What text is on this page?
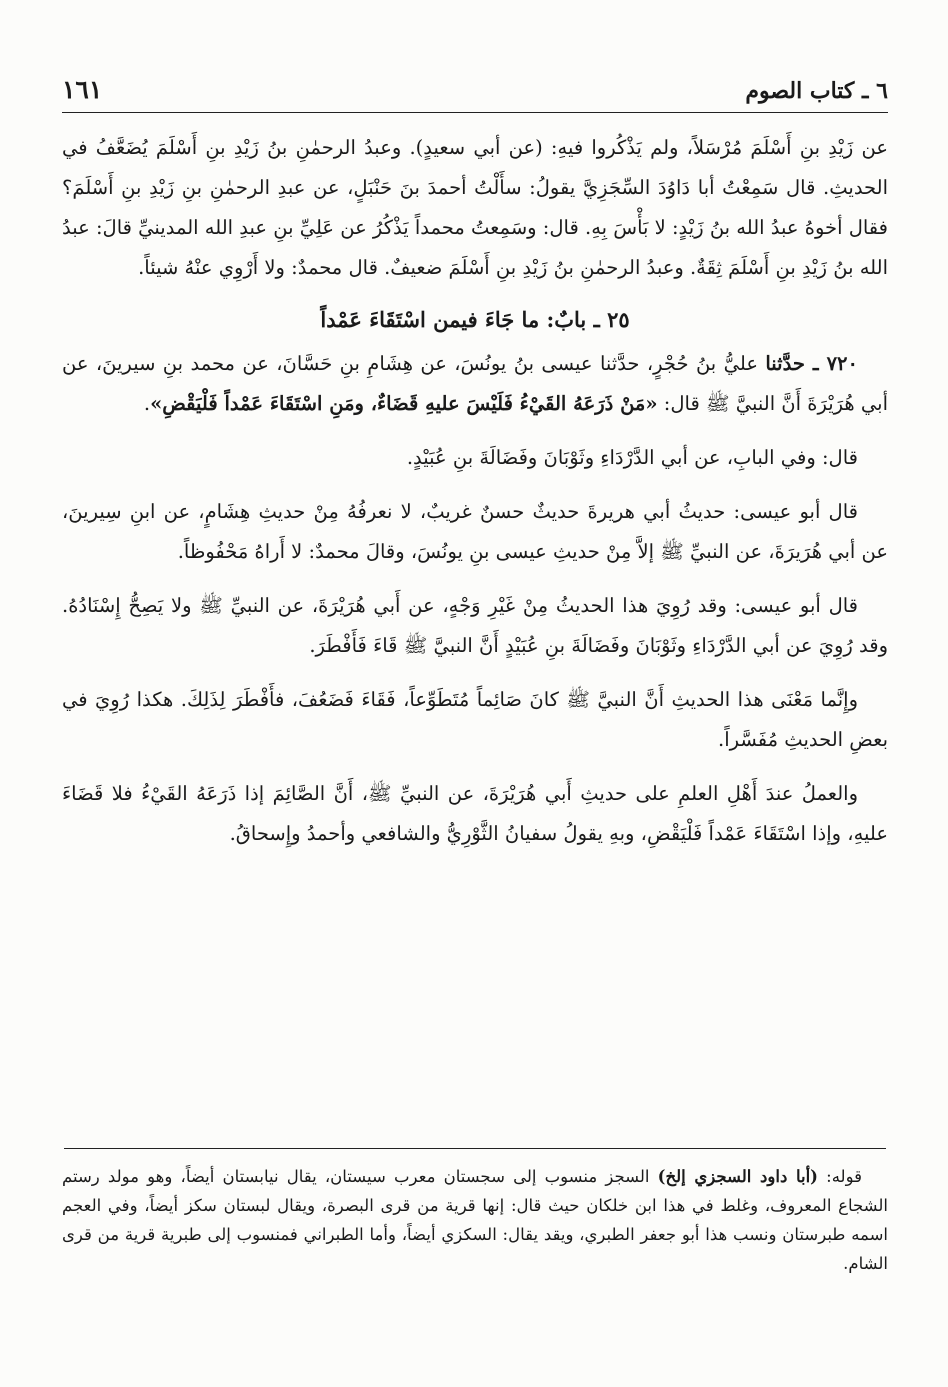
١٦١	٦ ـ كتاب الصوم

عن زَيْدِ بنِ أَسْلَمَ مُرْسَلاً، ولم يَذْكُروا فيهِ: (عن أبي سعيدٍ). وعبدُ الرحمٰنِ بنُ زَيْدِ بنِ أَسْلَمَ يُضَعَّفُ في الحديثِ. قال سَمِعْتُ أبا دَاوُدَ السِّجَزِيَّ يقولُ: سأَلْتُ أحمدَ بنَ حَنْبَلٍ، عن عبدِ الرحمٰنِ بنِ زَيْدِ بنِ أَسْلَمَ؟ فقال أخوهُ عبدُ الله بنُ زَيْدٍ: لا بَأْسَ بِهِ. قال: وسَمِعتُ محمداً يَذْكُرُ عن عَلِيِّ بنِ عبدِ الله المدينيِّ قالَ: عبدُ الله بنُ زَيْدِ بنِ أَسْلَمَ ثِقَةٌ. وعبدُ الرحمٰنِ بنُ زَيْدِ بنِ أَسْلَمَ ضعيفٌ. قال محمدٌ: ولا أَرْوِي عنْهُ شيئاً.

٢٥ ـ بابٌ: ما جَاءَ فيمن اسْتَقَاءَ عَمْداً

٧٢٠ ـ حدَّثنا عليُّ بنُ حُجْرٍ، حدَّثنا عيسى بنُ يونُسَ، عن هِشَامِ بنِ حَسَّانَ، عن محمد بنِ سيرينَ، عن أبي هُرَيْرَةَ أَنَّ النبيَّ ﷺ قال: «مَنْ ذَرَعَهُ القَيْءُ فَلَيْسَ عليهِ قَضَاءٌ، ومَنِ اسْتَقَاءَ عَمْداً فَلْيَقْضِ».

قال: وفي البابِ، عن أبي الدَّرْدَاءِ وثَوْبَانَ وفَضَالَةَ بنِ عُبَيْدٍ.

قال أبو عيسى: حديثُ أبي هريرةَ حديثٌ حسنٌ غريبٌ، لا نعرفُهُ مِنْ حديثِ هِشَامٍ، عن ابنِ سِيرينَ، عن أبي هُرَيرَةَ، عن النبيِّ ﷺ إلاَّ مِنْ حديثِ عيسى بنِ يونُسَ، وقالَ محمدٌ: لا أَراهُ مَحْفُوظاً.

قال أبو عيسى: وقد رُوِيَ هذا الحديثُ مِنْ غَيْرِ وَجْهٍ، عن أَبي هُرَيْرَةَ، عن النبيِّ ﷺ ولا يَصِحُّ إِسْنَادُهُ. وقد رُوِيَ عن أبي الدَّرْدَاءِ وثَوْبَانَ وفَضَالَةَ بنِ عُبَيْدٍ أَنَّ النبيَّ ﷺ قَاءَ فَأَفْطَرَ.

وإِنَّما مَعْنَى هذا الحديثِ أَنَّ النبيَّ ﷺ كانَ صَائِماً مُتَطَوِّعاً، فَقَاءَ فَضَعُفَ، فأَفْطَرَ لِذَلِكَ. هكذا رُوِيَ في بعضِ الحديثِ مُفَسَّراً.

والعملُ عندَ أَهْلِ العلمِ على حديثِ أَبي هُرَيْرَةَ، عن النبيِّ ﷺ، أَنَّ الصَّائِمَ إذا ذَرَعَهُ القَيْءُ فلا قَضَاءَ عليهِ، وإذا اسْتَقَاءَ عَمْداً فَلْيَقْضِ، وبهِ يقولُ سفيانُ الثَّوْرِيُّ والشافعي وأحمدُ وإِسحاقُ.

قوله: (أبا داود السجزي إلخ) السجز منسوب إلى سجستان معرب سيستان، يقال نيابستان أيضاً، وهو مولد رستم الشجاع المعروف، وغلط في هذا ابن خلكان حيث قال: إنها قرية من قرى البصرة، ويقال لبستان سكز أيضاً، وفي العجم اسمه طبرستان ونسب هذا أبو جعفر الطبري، ويقد يقال: السكزي أيضاً، وأما الطبراني فمنسوب إلى طبرية قرية من قرى الشام.
